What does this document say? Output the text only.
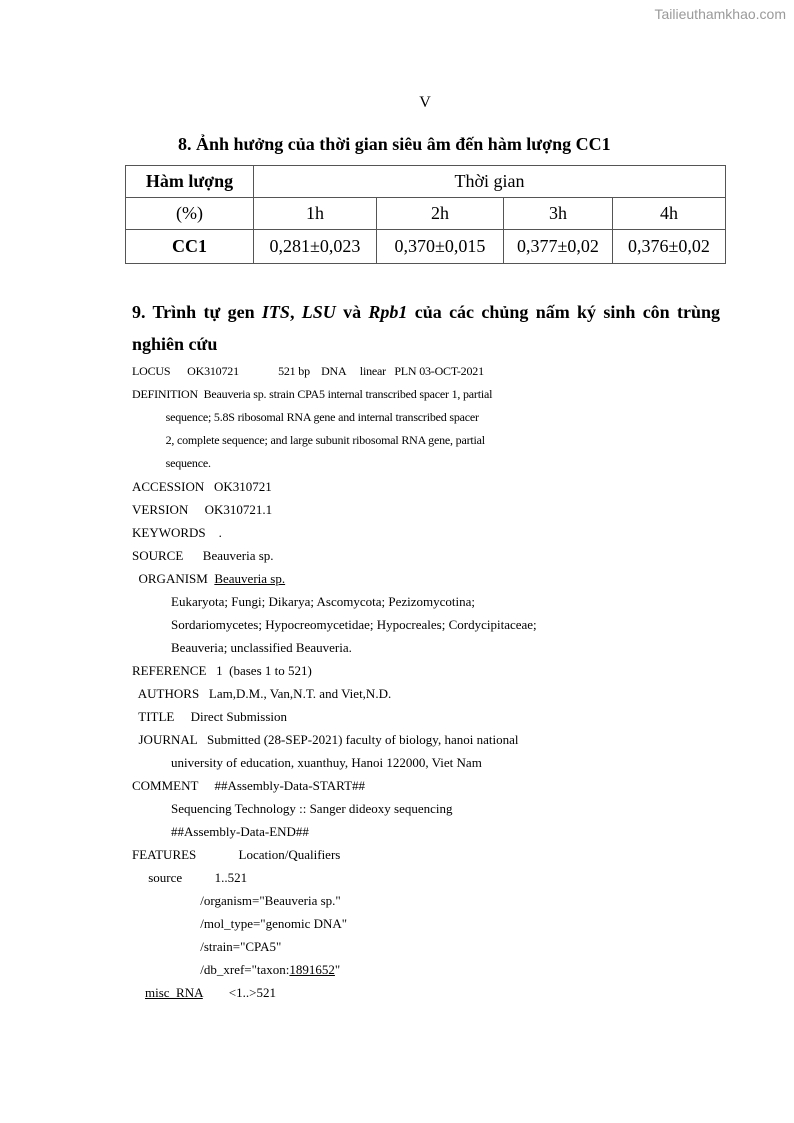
Tailieuthamkhao.com
V
8. Ảnh hưởng của thời gian siêu âm đến hàm lượng CC1
Hàm lượng	Thời gian			
(%)	1h	2h	3h	4h
CC1	0,281±0,023	0,370±0,015	0,377±0,02	0,376±0,02
9. Trình tự gen ITS, LSU và Rpb1 của các chủng nấm ký sinh côn trùng nghiên cứu
LOCUS      OK310721              521 bp    DNA     linear   PLN 03-OCT-2021
DEFINITION  Beauveria sp. strain CPA5 internal transcribed spacer 1, partial
sequence; 5.8S ribosomal RNA gene and internal transcribed spacer
2, complete sequence; and large subunit ribosomal RNA gene, partial
sequence.
ACCESSION   OK310721
VERSION     OK310721.1
KEYWORDS    .
SOURCE      Beauveria sp.
ORGANISM  Beauveria sp.
Eukaryota; Fungi; Dikarya; Ascomycota; Pezizomycotina;
Sordariomycetes; Hypocreomycetidae; Hypocreales; Cordycipitaceae;
Beauveria; unclassified Beauveria.
REFERENCE   1  (bases 1 to 521)
AUTHORS   Lam,D.M., Van,N.T. and Viet,N.D.
TITLE     Direct Submission
JOURNAL   Submitted (28-SEP-2021) faculty of biology, hanoi national
university of education, xuanthuy, Hanoi 122000, Viet Nam
COMMENT     ##Assembly-Data-START##
Sequencing Technology :: Sanger dideoxy sequencing
##Assembly-Data-END##
FEATURES             Location/Qualifiers
source          1..521
/organism="Beauveria sp."
/mol_type="genomic DNA"
/strain="CPA5"
/db_xref="taxon:1891652"
misc_RNA        <1..>521
